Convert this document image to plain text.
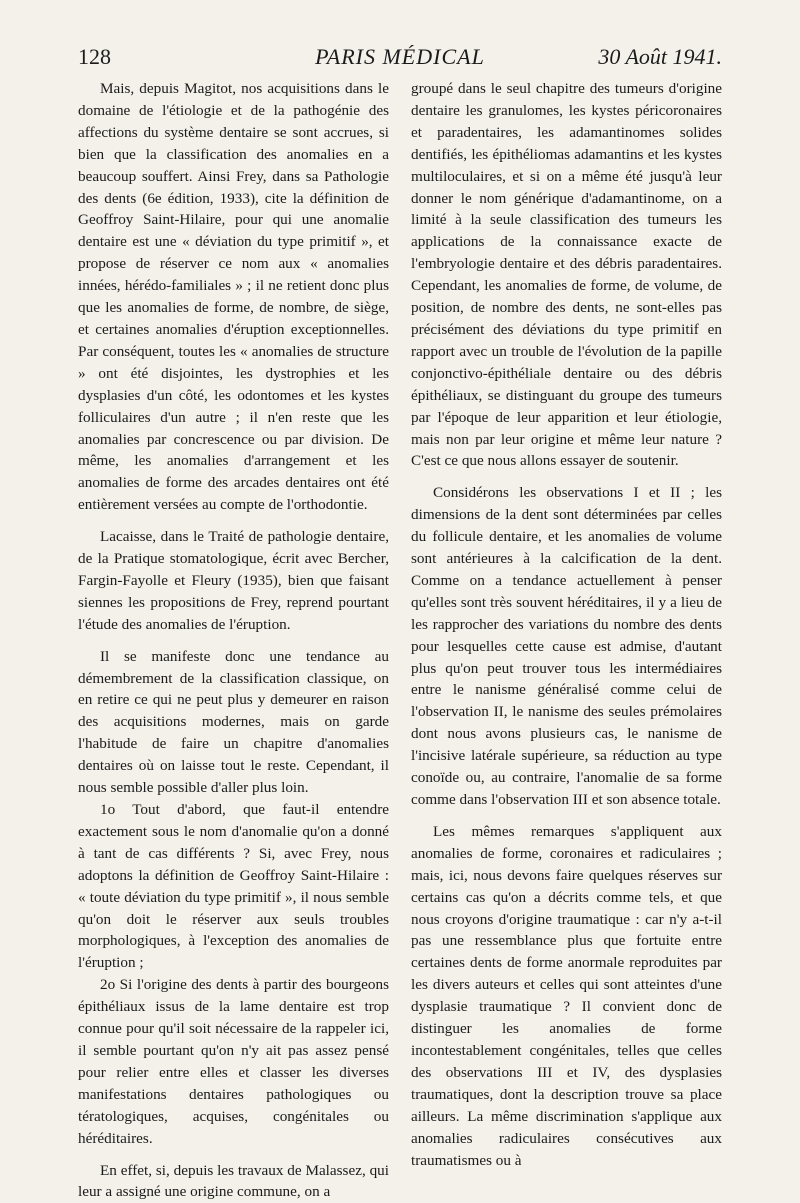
128	PARIS MÉDICAL	30 Août 1941.

Mais, depuis Magitot, nos acquisitions dans le domaine de l'étiologie et de la pathogénie des affections du système dentaire se sont accrues, si bien que la classification des anomalies en a beaucoup souffert. Ainsi Frey, dans sa Pathologie des dents (6e édition, 1933), cite la définition de Geoffroy Saint-Hilaire, pour qui une anomalie dentaire est une « déviation du type primitif », et propose de réserver ce nom aux « anomalies innées, hérédo-familiales » ; il ne retient donc plus que les anomalies de forme, de nombre, de siège, et certaines anomalies d'éruption exceptionnelles. Par conséquent, toutes les « anomalies de structure » ont été disjointes, les dystrophies et les dysplasies d'un côté, les odontomes et les kystes folliculaires d'un autre ; il n'en reste que les anomalies par concrescence ou par division. De même, les anomalies d'arrangement et les anomalies de forme des arcades dentaires ont été entièrement versées au compte de l'orthodontie.

Lacaisse, dans le Traité de pathologie dentaire, de la Pratique stomatologique, écrit avec Bercher, Fargin-Fayolle et Fleury (1935), bien que faisant siennes les propositions de Frey, reprend pourtant l'étude des anomalies de l'éruption.

Il se manifeste donc une tendance au démembrement de la classification classique, on en retire ce qui ne peut plus y demeurer en raison des acquisitions modernes, mais on garde l'habitude de faire un chapitre d'anomalies dentaires où on laisse tout le reste. Cependant, il nous semble possible d'aller plus loin.

1o Tout d'abord, que faut-il entendre exactement sous le nom d'anomalie qu'on a donné à tant de cas différents ? Si, avec Frey, nous adoptons la définition de Geoffroy Saint-Hilaire : « toute déviation du type primitif », il nous semble qu'on doit le réserver aux seuls troubles morphologiques, à l'exception des anomalies de l'éruption ;

2o Si l'origine des dents à partir des bourgeons épithéliaux issus de la lame dentaire est trop connue pour qu'il soit nécessaire de la rappeler ici, il semble pourtant qu'on n'y ait pas assez pensé pour relier entre elles et classer les diverses manifestations dentaires pathologiques ou tératologiques, acquises, congénitales ou héréditaires.

En effet, si, depuis les travaux de Malassez, qui leur a assigné une origine commune, on a

groupé dans le seul chapitre des tumeurs d'origine dentaire les granulomes, les kystes péricoronaires et paradentaires, les adamantinomes solides dentifiés, les épithéliomas adamantins et les kystes multiloculaires, et si on a même été jusqu'à leur donner le nom générique d'adamantinome, on a limité à la seule classification des tumeurs les applications de la connaissance exacte de l'embryologie dentaire et des débris paradentaires. Cependant, les anomalies de forme, de volume, de position, de nombre des dents, ne sont-elles pas précisément des déviations du type primitif en rapport avec un trouble de l'évolution de la papille conjonctivo-épithéliale dentaire ou des débris épithéliaux, se distinguant du groupe des tumeurs par l'époque de leur apparition et leur étiologie, mais non par leur origine et même leur nature ? C'est ce que nous allons essayer de soutenir.

Considérons les observations I et II ; les dimensions de la dent sont déterminées par celles du follicule dentaire, et les anomalies de volume sont antérieures à la calcification de la dent. Comme on a tendance actuellement à penser qu'elles sont très souvent héréditaires, il y a lieu de les rapprocher des variations du nombre des dents pour lesquelles cette cause est admise, d'autant plus qu'on peut trouver tous les intermédiaires entre le nanisme généralisé comme celui de l'observation II, le nanisme des seules prémolaires dont nous avons plusieurs cas, le nanisme de l'incisive latérale supérieure, sa réduction au type conoïde ou, au contraire, l'anomalie de sa forme comme dans l'observation III et son absence totale.

Les mêmes remarques s'appliquent aux anomalies de forme, coronaires et radiculaires ; mais, ici, nous devons faire quelques réserves sur certains cas qu'on a décrits comme tels, et que nous croyons d'origine traumatique : car n'y a-t-il pas une ressemblance plus que fortuite entre certaines dents de forme anormale reproduites par les divers auteurs et celles qui sont atteintes d'une dysplasie traumatique ? Il convient donc de distinguer les anomalies de forme incontestablement congénitales, telles que celles des observations III et IV, des dysplasies traumatiques, dont la description trouve sa place ailleurs. La même discrimination s'applique aux anomalies radiculaires consécutives aux traumatismes ou à
